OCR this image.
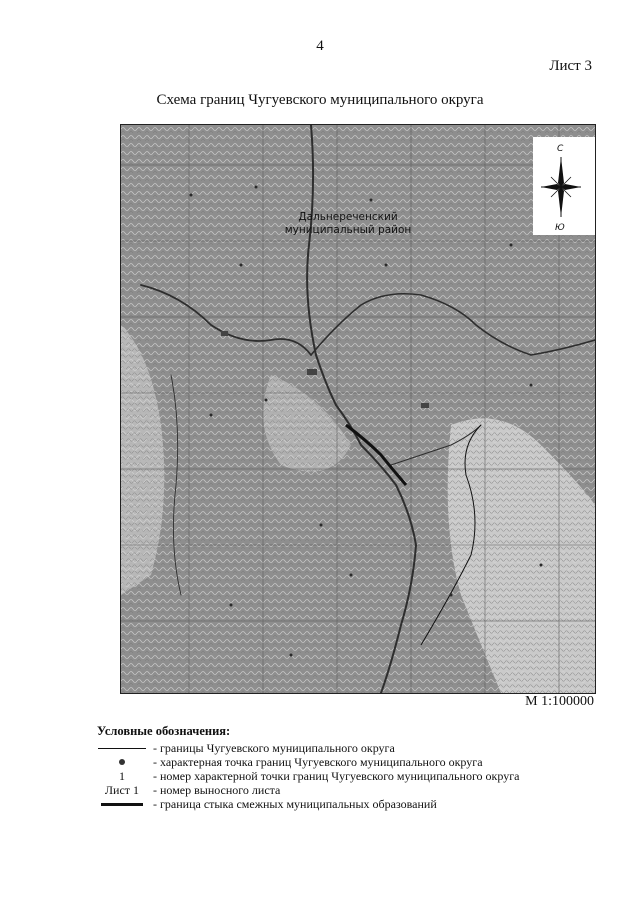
4
Лист 3
Схема границ Чугуевского муниципального округа
Дальнереченский муниципальный район
С
Ю
М 1:100000
Условные обозначения:
- границы Чугуевского муниципального округа
- характерная точка границ Чугуевского муниципального округа
1 - номер характерной точки границ Чугуевского муниципального округа
Лист 1 - номер выносного листа
- граница стыка смежных муниципальных образований
